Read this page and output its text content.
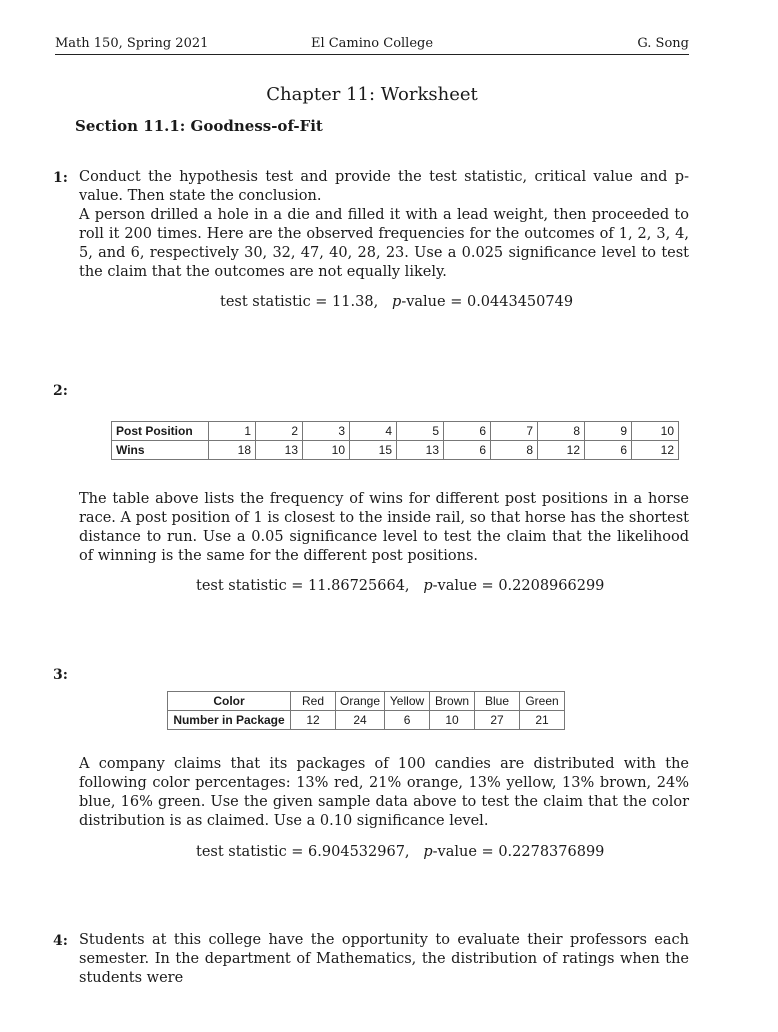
Math 150, Spring 2021	El Camino College	G. Song
Chapter 11: Worksheet
Section 11.1: Goodness-of-Fit
1: Conduct the hypothesis test and provide the test statistic, critical value and p-value. Then state the conclusion.
A person drilled a hole in a die and filled it with a lead weight, then proceeded to roll it 200 times. Here are the observed frequencies for the outcomes of 1, 2, 3, 4, 5, and 6, respectively 30, 32, 47, 40, 28, 23. Use a 0.025 significance level to test the claim that the outcomes are not equally likely.
test statistic = 11.38, p-value = 0.0443450749
2:
Post Position	1	2	3	4	5	6	7	8	9	10
Wins	18	13	10	15	13	6	8	12	6	12
The table above lists the frequency of wins for different post positions in a horse race. A post position of 1 is closest to the inside rail, so that horse has the shortest distance to run. Use a 0.05 significance level to test the claim that the likelihood of winning is the same for the different post positions.
test statistic = 11.86725664, p-value = 0.2208966299
3:
Color	Red	Orange	Yellow	Brown	Blue	Green
Number in Package	12	24	6	10	27	21
A company claims that its packages of 100 candies are distributed with the following color percentages: 13% red, 21% orange, 13% yellow, 13% brown, 24% blue, 16% green. Use the given sample data above to test the claim that the color distribution is as claimed. Use a 0.10 significance level.
test statistic = 6.904532967, p-value = 0.2278376899
4: Students at this college have the opportunity to evaluate their professors each semester. In the department of Mathematics, the distribution of ratings when the students were
